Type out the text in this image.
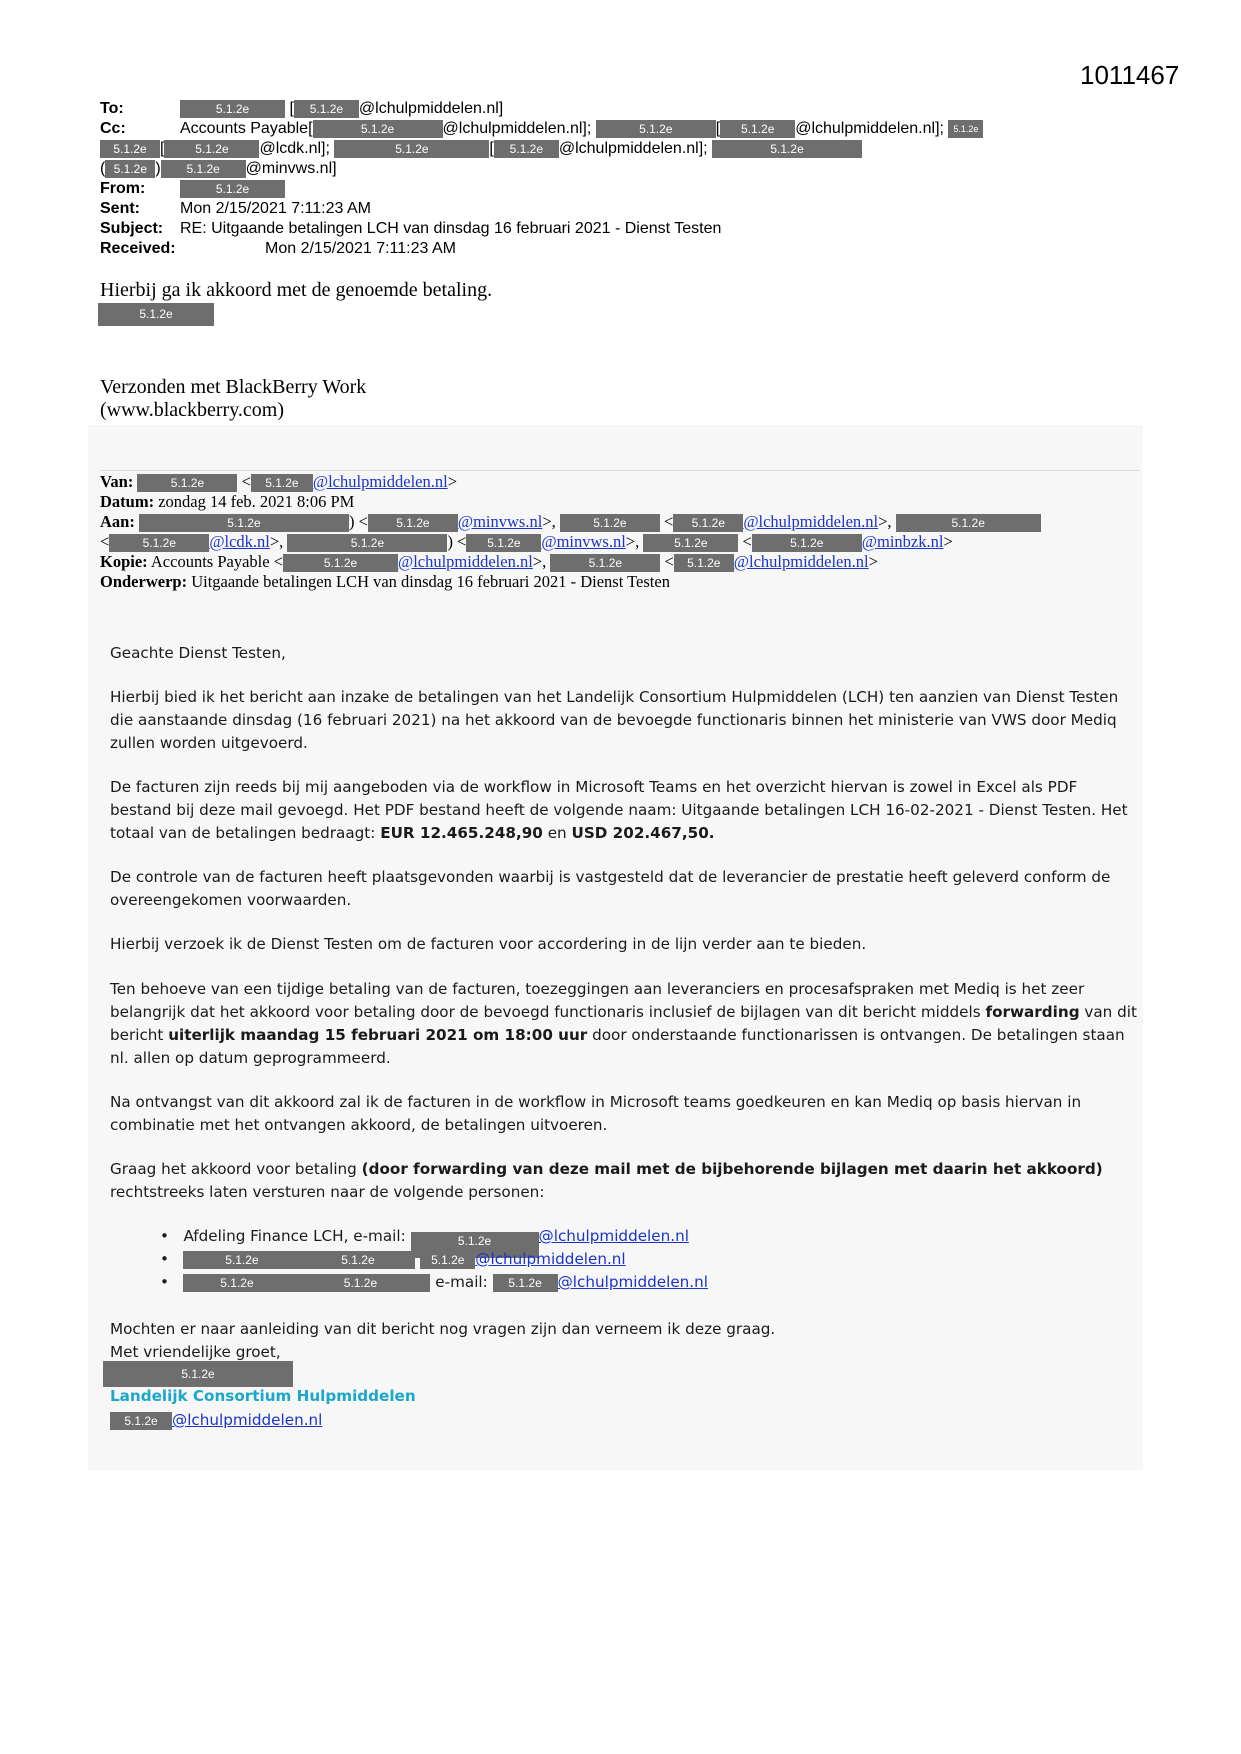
1011467
To:	5.1.2e	[ 5.1.2e @lchulpmiddelen.nl]
Cc:	Accounts Payable[	5.1.2e	@lchulpmiddelen.nl];	5.1.2e	[ 5.1.2e @lchulpmiddelen.nl]; 5.1.2e
5.1.2e [	5.1.2e @lcdk.nl];	5.1.2e	[ 5.1.2e @lchulpmiddelen.nl];	5.1.2e
( 5.1.2e ) 5.1.2e @minvws.nl]
From:	5.1.2e
Sent:	Mon 2/15/2021 7:11:23 AM
Subject: RE: Uitgaande betalingen LCH van dinsdag 16 februari 2021 - Dienst Testen
Received:	Mon 2/15/2021 7:11:23 AM
Hierbij ga ik akkoord met de genoemde betaling.
5.1.2e
Verzonden met BlackBerry Work
(www.blackberry.com)
Van:	5.1.2e < 5.1.2e @lchulpmiddelen.nl>
Datum: zondag 14 feb. 2021 8:06 PM
Aan:	5.1.2e	) < 5.1.2e @minvws.nl>,	5.1.2e < 5.1.2e @lchulpmiddelen.nl>,	5.1.2e
<	5.1.2e @lcdk.nl>,	5.1.2e	) < 5.1.2e @minvws.nl>,	5.1.2e <	5.1.2e @minbzk.nl>
Kopie: Accounts Payable <	5.1.2e @lchulpmiddelen.nl>,	5.1.2e < 5.1.2e @lchulpmiddelen.nl>
Onderwerp: Uitgaande betalingen LCH van dinsdag 16 februari 2021 - Dienst Testen
Geachte Dienst Testen,
Hierbij bied ik het bericht aan inzake de betalingen van het Landelijk Consortium Hulpmiddelen (LCH) ten aanzien van Dienst Testen die aanstaande dinsdag (16 februari 2021) na het akkoord van de bevoegde functionaris binnen het ministerie van VWS door Mediq zullen worden uitgevoerd.
De facturen zijn reeds bij mij aangeboden via de workflow in Microsoft Teams en het overzicht hiervan is zowel in Excel als PDF bestand bij deze mail gevoegd. Het PDF bestand heeft de volgende naam: Uitgaande betalingen LCH 16-02-2021 - Dienst Testen. Het totaal van de betalingen bedraagt: EUR 12.465.248,90 en USD 202.467,50.
De controle van de facturen heeft plaatsgevonden waarbij is vastgesteld dat de leverancier de prestatie heeft geleverd conform de overeengekomen voorwaarden.
Hierbij verzoek ik de Dienst Testen om de facturen voor accordering in de lijn verder aan te bieden.
Ten behoeve van een tijdige betaling van de facturen, toezeggingen aan leveranciers en procesafspraken met Mediq is het zeer belangrijk dat het akkoord voor betaling door de bevoegd functionaris inclusief de bijlagen van dit bericht middels forwarding van dit bericht uiterlijk maandag 15 februari 2021 om 18:00 uur door onderstaande functionarissen is ontvangen. De betalingen staan nl. allen op datum geprogrammeerd.
Na ontvangst van dit akkoord zal ik de facturen in de workflow in Microsoft teams goedkeuren en kan Mediq op basis hiervan in combinatie met het ontvangen akkoord, de betalingen uitvoeren.
Graag het akkoord voor betaling (door forwarding van deze mail met de bijbehorende bijlagen met daarin het akkoord) rechtstreeks laten versturen naar de volgende personen:
• Afdeling Finance LCH, e-mail:	5.1.2e	@lchulpmiddelen.nl
•	5.1.2e	5.1.2e	5.1.2e @lchulpmiddelen.nl
•	5.1.2e	5.1.2e	e-mail: 5.1.2e @lchulpmiddelen.nl
Mochten er naar aanleiding van dit bericht nog vragen zijn dan verneem ik deze graag.
Met vriendelijke groet,
5.1.2e
Landelijk Consortium Hulpmiddelen
5.1.2e @lchulpmiddelen.nl
